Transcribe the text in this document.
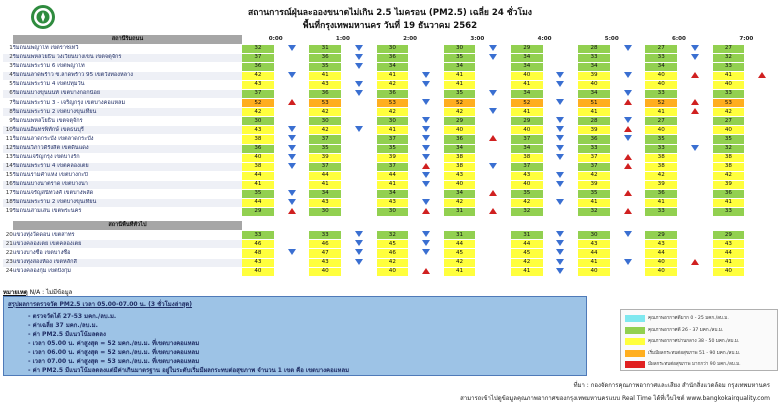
สถานการณ์ฝุ่นละอองขนาดไม่เกิน 2.5 ไมครอน (PM2.5) เฉลี่ย 24 ชั่วโมง
พื้นที่กรุงเทพมหานคร วันที่ 19 ธันวาคม 2562
	สถานีริมถนน	0:00		1:00		2:00		3:00		4:00		5:00		6:00		7:00	
1	ริมถนนพญาไท เขตราชเทวี	32		31		30		30		29		28		27		27	
2	ริมถนนพหลโยธิน วงเวียนบางเขน เขตจตุจักร	37		36		36		35		34		33		33		32	
3	ริมถนนพระราม 6 เขตพญาไท	36		35		34		34		34		34		34		33	
4	ริมถนนลาดพร้าว ซ.ลาดพร้าว 95 เขตวังทองหลาง	42		41		41		41		40		39		40		41	
5	ริมถนนพระราม 4 เขตปทุมวัน	43		43		42		41		41		40		40		40	
6	ริมถนนบางขุนนนท์ เขตบางกอกน้อย	37		36		36		35		34		34		33		33	
7	ริมถนนพระราม 3 - เจริญกรุง เขตบางคอแหลม	52		53		53		52		52		51		52		53	
8	ริมถนนพระราม 2 เขตบางขุนเทียน	42		42		42		42		41		41		41		42	
9	ริมถนนพหลโยธิน เขตจตุจักร	30		30		30		29		29		28		27		27	
10	ริมถนนอินทรพิทักษ์ เขตธนบุรี	43		42		41		40		40		39		40		40	
11	ริมถนนลาดกระบัง เขตลาดกระบัง	38		37		37		36		37		36		35		35	
12	ริมถนนวิภาวดีรังสิต เขตดินแดง	36		35		35		34		34		33		33		32	
13	ริมถนนเจริญกรุง เขตบางรัก	40		39		39		38		38		37		38		38	
14	ริมถนนพระราม 4 เขตคลองเตย	38		37		37		38		37		37		38		38	
15	ริมถนนรามคำแหง เขตบางกะปิ	44		44		44		43		43		42		42		42	
16	ริมถนนบางนาตราด เขตบางนา	41		41		41		40		40		39		39		39	
17	ริมถนนจรัญสนิทวงศ์ เขตบางพลัด	35		34		34		34		35		35		36		36	
18	ริมถนนพระราม 2 เขตบางขุนเทียน	44		43		43		42		42		41		41		41	
19	ริมถนนสามเสน เขตพระนคร	29		30		30		31		32		32		33		33	

	สถานีพื้นที่ทั่วไป																
20	แขวงทุ่งวัดดอน เขตสาทร	33		33		32		31		31		30		29		29	
21	แขวงคลองเตย เขตคลองเตย	46		46		45		44		44		43		43		43	
22	แขวงบางซื่อ เขตบางซื่อ	48		47		46		45		45		44		44		44	
23	แขวงทุ่งสองห้อง เขตหลักสี่	43		43		42		42		42		41		40		41	
24	แขวงคลองกุ่ม เขตบึงกุ่ม	40		40		40		41		41		40		40		40	
หมายเหตุ N/A : ไม่มีข้อมูล
สรุปผลการตรวจวัด PM2.5 เวลา 05.00-07.00 น. (3 ชั่วโมงล่าสุด)
- ตรวจวัดได้ 27-53 มคก./ลบ.ม.
- ค่าเฉลี่ย 37 มคก./ลบ.ม.
- ค่า PM2.5 มีแนวโน้มลดลง
- เวลา 05.00 น. ค่าสูงสุด = 52 มคก./ลบ.ม. ที่เขตบางคอแหลม
- เวลา 06.00 น. ค่าสูงสุด = 52 มคก./ลบ.ม. ที่เขตบางคอแหลม
- เวลา 07.00 น. ค่าสูงสุด = 53 มคก./ลบ.ม. ที่เขตบางคอแหลม
- ค่า PM2.5 มีแนวโน้มลดลงแต่มีค่าเกินมาตรฐาน อยู่ในระดับเริ่มมีผลกระทบต่อสุขภาพ จำนวน 1 เขต คือ เขตบางคอแหลม
คุณภาพอากาศดีมาก 0 - 25 มคก./ลบ.ม.
คุณภาพอากาศดี 26 - 37 มคก./ลบ.ม.
คุณภาพอากาศปานกลาง 38 - 50 มคก./ลบ.ม.
เริ่มมีผลกระทบต่อสุขภาพ 51 - 90 มคก./ลบ.ม.
มีผลกระทบต่อสุขภาพ มากกว่า 90 มคก./ลบ.ม.
ที่มา : กองจัดการคุณภาพอากาศและเสียง สำนักสิ่งแวดล้อม กรุงเทพมหานคร
สามารถเข้าไปดูข้อมูลคุณภาพอากาศของกรุงเทพมหานครแบบ Real Time ได้ที่เว็บไซต์ www.bangkokairquality.com
